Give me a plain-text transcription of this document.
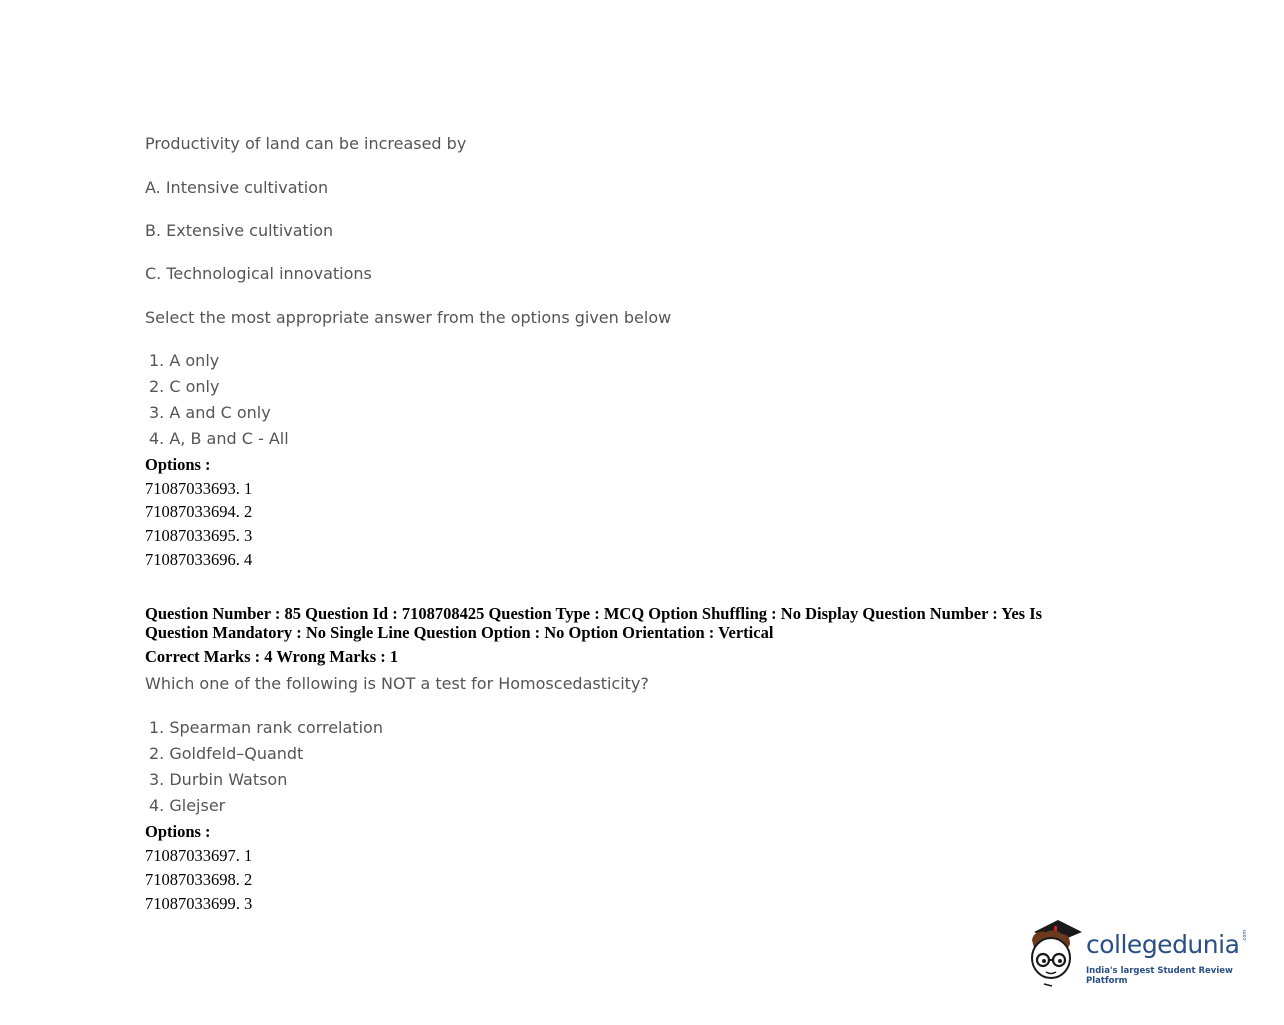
Productivity of land can be increased by
A. Intensive cultivation
B. Extensive cultivation
C. Technological innovations
Select the most appropriate answer from the options given below
1. A only
2. C only
3. A and C only
4. A, B and C - All
Options :
71087033693. 1
71087033694. 2
71087033695. 3
71087033696. 4
Question Number : 85 Question Id : 7108708425 Question Type : MCQ Option Shuffling : No Display Question Number : Yes Is
Question Mandatory : No Single Line Question Option : No Option Orientation : Vertical
Correct Marks : 4 Wrong Marks : 1
Which one of the following is NOT a test for Homoscedasticity?
1. Spearman rank correlation
2. Goldfeld–Quandt
3. Durbin Watson
4. Glejser
Options :
71087033697. 1
71087033698. 2
71087033699. 3
collegedunia .com
India's largest Student Review Platform
